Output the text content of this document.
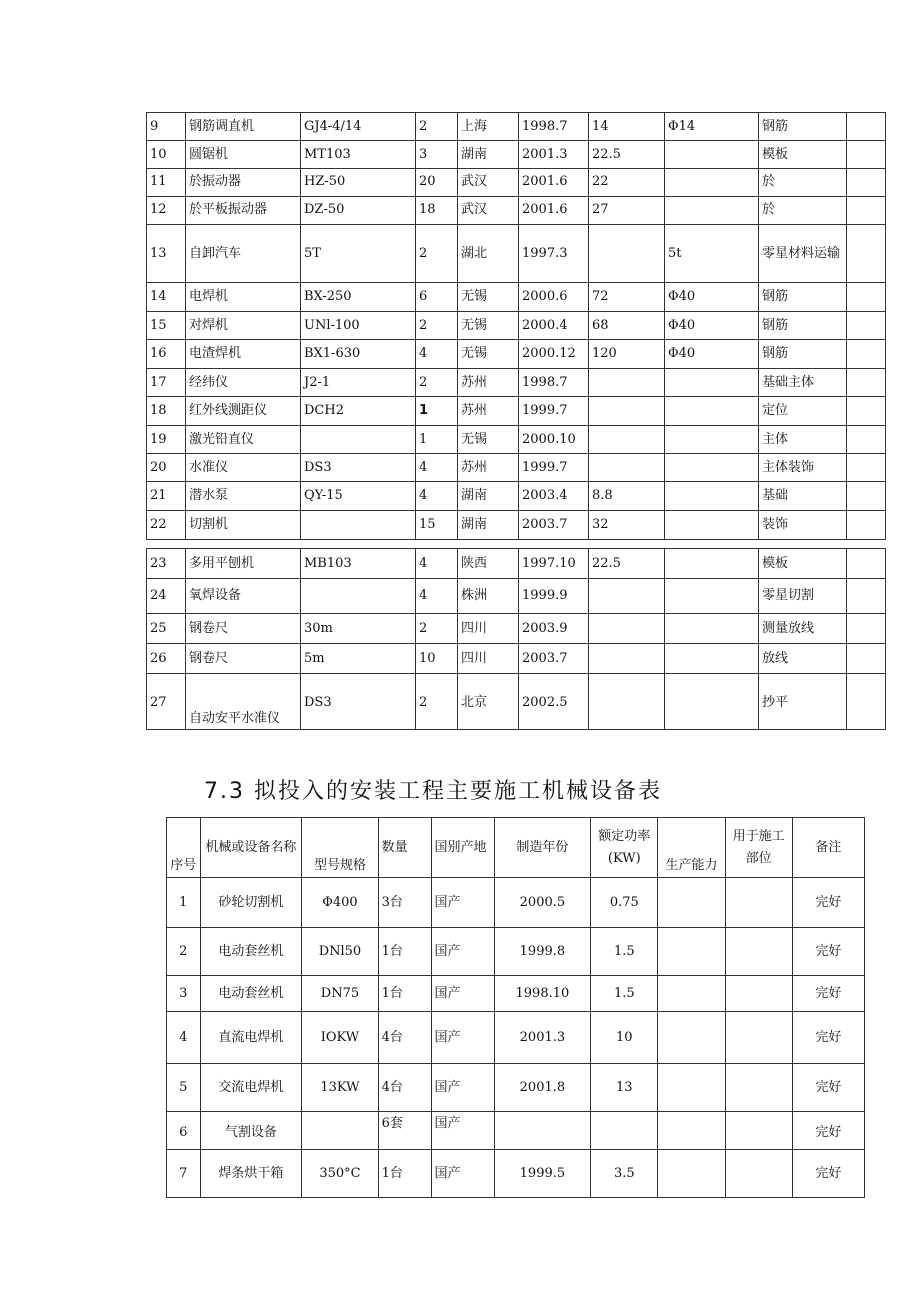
9	钢筋调直机	GJ4-4/14	2	上海	1998.7	14	Φ14	钢筋	
10	圆锯机	MT103	3	湖南	2001.3	22.5		模板	
11	於振动器	HZ-50	20	武汉	2001.6	22		於	
12	於平板振动器	DZ-50	18	武汉	2001.6	27		於	
13	自卸汽车	5T	2	湖北	1997.3		5t	零星材料运输	
14	电焊机	BX-250	6	无锡	2000.6	72	Φ40	钢筋	
15	对焊机	UNl-100	2	无锡	2000.4	68	Φ40	钢筋	
16	电渣焊机	BX1-630	4	无锡	2000.12	120	Φ40	钢筋	
17	经纬仪	J2-1	2	苏州	1998.7			基础主体	
18	红外线测距仪	DCH2	1	苏州	1999.7			定位	
19	激光铅直仪		1	无锡	2000.10			主体	
20	水准仪	DS3	4	苏州	1999.7			主体装饰	
21	潜水泵	QY-15	4	湖南	2003.4	8.8		基础	
22	切割机		15	湖南	2003.7	32		装饰	
23	多用平刨机	MB103	4	陕西	1997.10	22.5		模板	
24	氧焊设备		4	株洲	1999.9			零星切割	
25	钢卷尺	30m	2	四川	2003.9			测量放线	
26	钢卷尺	5m	10	四川	2003.7			放线	
27	自动安平水准仪	DS3	2	北京	2002.5			抄平	
7.3 拟投入的安装工程主要施工机械设备表
序号	机械或设备名称	型号规格	数量	国别产地	制造年份	额定功率(KW)	生产能力	用于施工部位	备注
1	砂轮切割机	Φ400	3台	国产	2000.5	0.75			完好
2	电动套丝机	DNl50	1台	国产	1999.8	1.5			完好
3	电动套丝机	DN75	1台	国产	1998.10	1.5			完好
4	直流电焊机	IOKW	4台	国产	2001.3	10			完好
5	交流电焊机	13KW	4台	国产	2001.8	13			完好
6	气割设备		6套	国产					完好
7	焊条烘干箱	350°C	1台	国产	1999.5	3.5			完好
